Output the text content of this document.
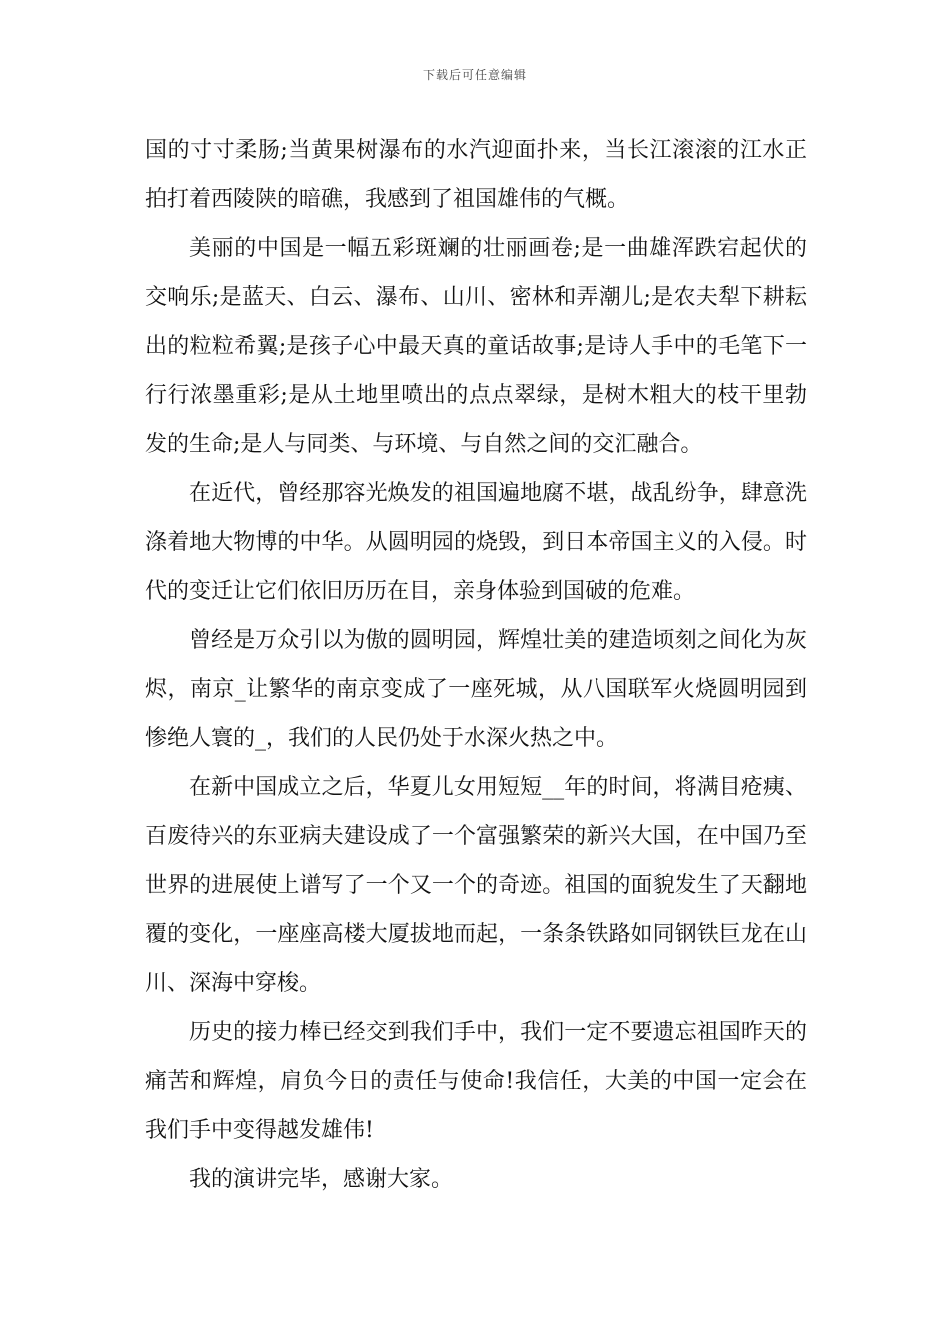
下载后可任意编辑

国的寸寸柔肠;当黄果树瀑布的水汽迎面扑来，当长江滚滚的江水正拍打着西陵陕的暗礁，我感到了祖国雄伟的气概。

美丽的中国是一幅五彩斑斓的壮丽画卷;是一曲雄浑跌宕起伏的交响乐;是蓝天、白云、瀑布、山川、密林和弄潮儿;是农夫犁下耕耘出的粒粒希翼;是孩子心中最天真的童话故事;是诗人手中的毛笔下一行行浓墨重彩;是从土地里喷出的点点翠绿，是树木粗大的枝干里勃发的生命;是人与同类、与环境、与自然之间的交汇融合。

在近代，曾经那容光焕发的祖国遍地腐不堪，战乱纷争，肆意洗涤着地大物博的中华。从圆明园的烧毁，到日本帝国主义的入侵。时代的变迁让它们依旧历历在目，亲身体验到国破的危难。

曾经是万众引以为傲的圆明园，辉煌壮美的建造顷刻之间化为灰烬，南京_让繁华的南京变成了一座死城，从八国联军火烧圆明园到惨绝人寰的_，我们的人民仍处于水深火热之中。

在新中国成立之后，华夏儿女用短短__年的时间，将满目疮痍、百废待兴的东亚病夫建设成了一个富强繁荣的新兴大国，在中国乃至世界的进展使上谱写了一个又一个的奇迹。祖国的面貌发生了天翻地覆的变化，一座座高楼大厦拔地而起，一条条铁路如同钢铁巨龙在山川、深海中穿梭。

历史的接力棒已经交到我们手中，我们一定不要遗忘祖国昨天的痛苦和辉煌，肩负今日的责任与使命!我信任，大美的中国一定会在我们手中变得越发雄伟!

我的演讲完毕，感谢大家。
